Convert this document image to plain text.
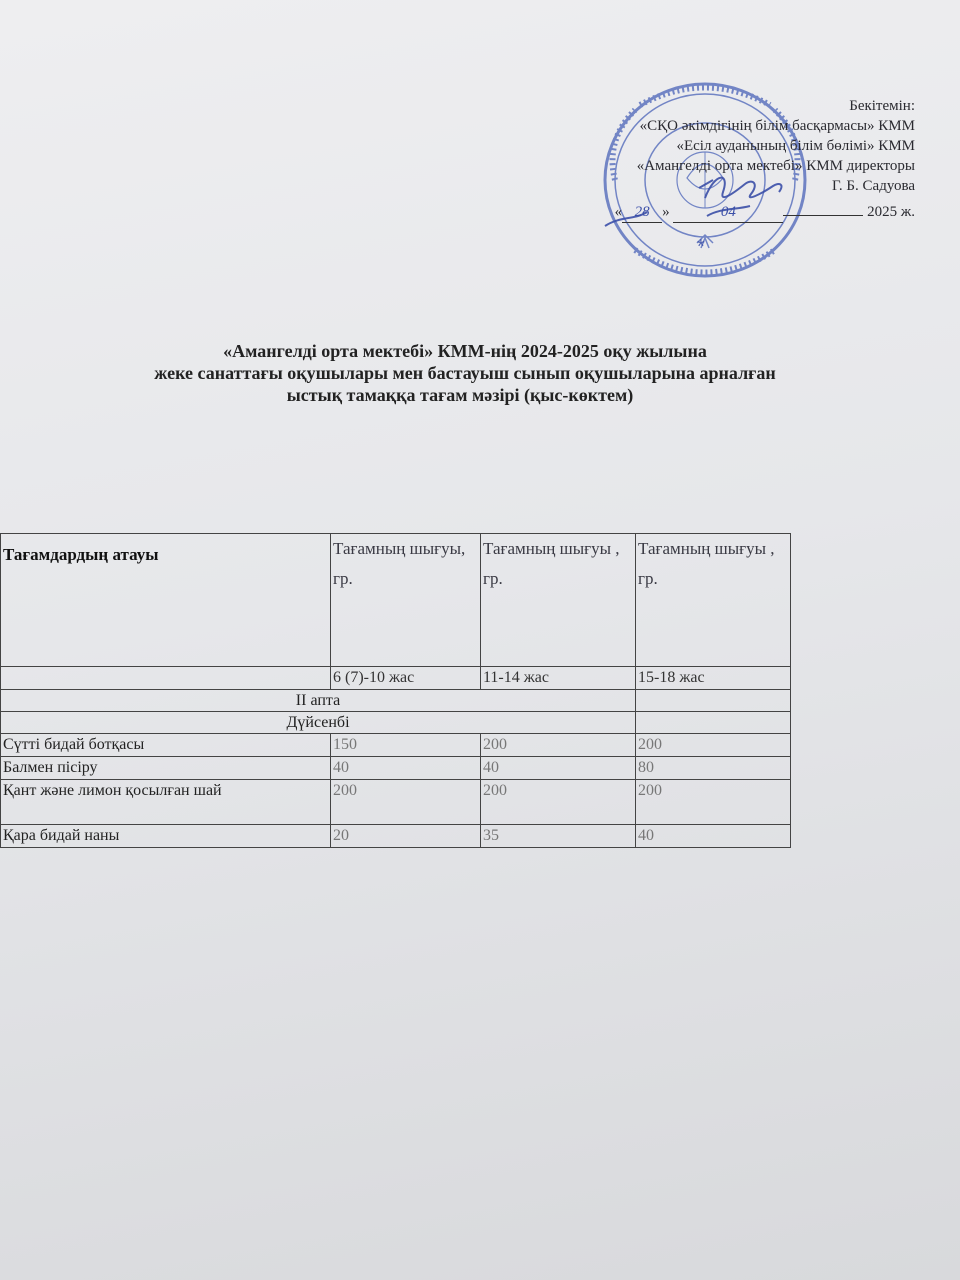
*
Бекітемін:
«СҚО әкімдігінің білім басқармасы» КММ
«Есіл ауданының білім бөлімі» КММ
«Амангелді орта мектебі» КММ директоры
Г. Б. Садуова
« 28 »	04	2025 ж.
«Амангелді орта мектебі» КММ-нің 2024-2025 оқу жылына
жеке санаттағы оқушылары мен бастауыш сынып оқушыларына арналған
ыстық тамаққа тағам мәзірі (қыс-көктем)
Тағамдардың атауы	Тағамның шығуы, гр.	Тағамның шығуы , гр.	Тағамның шығуы , гр.
	6 (7)-10 жас	11-14 жас	15-18 жас
II апта			
Дүйсенбі			
Сүтті бидай ботқасы	150	200	200
Балмен пісіру	40	40	80
Қант және лимон қосылған шай	200	200	200
Қара бидай наны	20	35	40
